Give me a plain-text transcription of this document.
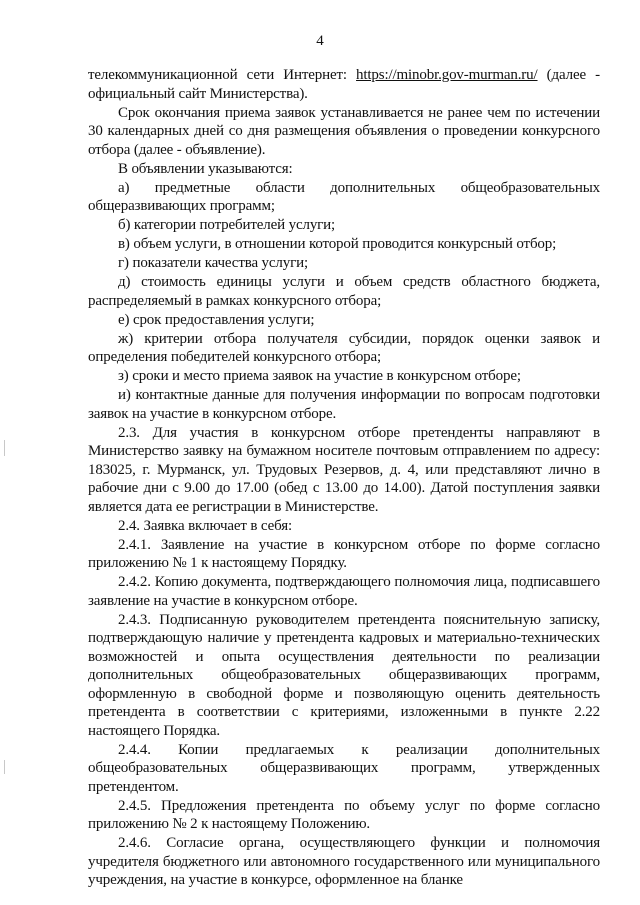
4

телекоммуникационной сети Интернет: https://minobr.gov-murman.ru/ (далее - официальный сайт Министерства).

Срок окончания приема заявок устанавливается не ранее чем по истечении 30 календарных дней со дня размещения объявления о проведении конкурсного отбора (далее - объявление).

В объявлении указываются:

а) предметные области дополнительных общеобразовательных общеразвивающих программ;

б) категории потребителей услуги;

в) объем услуги, в отношении которой проводится конкурсный отбор;

г) показатели качества услуги;

д) стоимость единицы услуги и объем средств областного бюджета, распределяемый в рамках конкурсного отбора;

е) срок предоставления услуги;

ж) критерии отбора получателя субсидии, порядок оценки заявок и определения победителей конкурсного отбора;

з) сроки и место приема заявок на участие в конкурсном отборе;

и) контактные данные для получения информации по вопросам подготовки заявок на участие в конкурсном отборе.

2.3. Для участия в конкурсном отборе претенденты направляют в Министерство заявку на бумажном носителе почтовым отправлением по адресу: 183025, г. Мурманск, ул. Трудовых Резервов, д. 4, или представляют лично в рабочие дни с 9.00 до 17.00 (обед с 13.00 до 14.00). Датой поступления заявки является дата ее регистрации в Министерстве.

2.4. Заявка включает в себя:

2.4.1. Заявление на участие в конкурсном отборе по форме согласно приложению № 1 к настоящему Порядку.

2.4.2. Копию документа, подтверждающего полномочия лица, подписавшего заявление на участие в конкурсном отборе.

2.4.3. Подписанную руководителем претендента пояснительную записку, подтверждающую наличие у претендента кадровых и материально-технических возможностей и опыта осуществления деятельности по реализации дополнительных общеобразовательных общеразвивающих программ, оформленную в свободной форме и позволяющую оценить деятельность претендента в соответствии с критериями, изложенными в пункте 2.22 настоящего Порядка.

2.4.4. Копии предлагаемых к реализации дополнительных общеобразовательных общеразвивающих программ, утвержденных претендентом.

2.4.5. Предложения претендента по объему услуг по форме согласно приложению № 2 к настоящему Положению.

2.4.6. Согласие органа, осуществляющего функции и полномочия учредителя бюджетного или автономного государственного или муниципального учреждения, на участие в конкурсе, оформленное на бланке
